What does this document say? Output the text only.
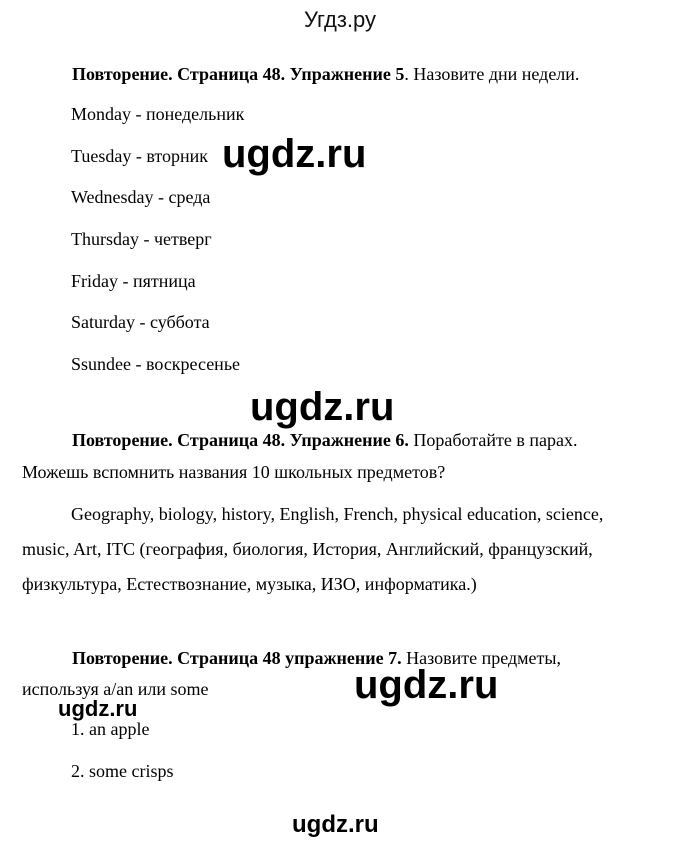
Угдз.ру
Повторение. Страница 48. Упражнение 5. Назовите дни недели.
Monday - понедельник
Tuesday - вторник
Wednesday - среда
Thursday - четверг
Friday - пятница
Saturday - суббота
Ssundee - воскресенье
Повторение. Страница 48. Упражнение 6. Поработайте в парах.
Можешь вспомнить названия 10 школьных предметов?
Geography, biology, history, English, French, physical education, science,
music, Art, ITC (география, биология, История, Английский, французский,
физкультура, Естествознание, музыка, ИЗО, информатика.)
Повторение. Страница 48 упражнение 7. Назовите предметы,
используя a/an или some
1. an apple
2. some crisps
ugdz.ru
ugdz.ru
ugdz.ru
ugdz.ru
ugdz.ru
